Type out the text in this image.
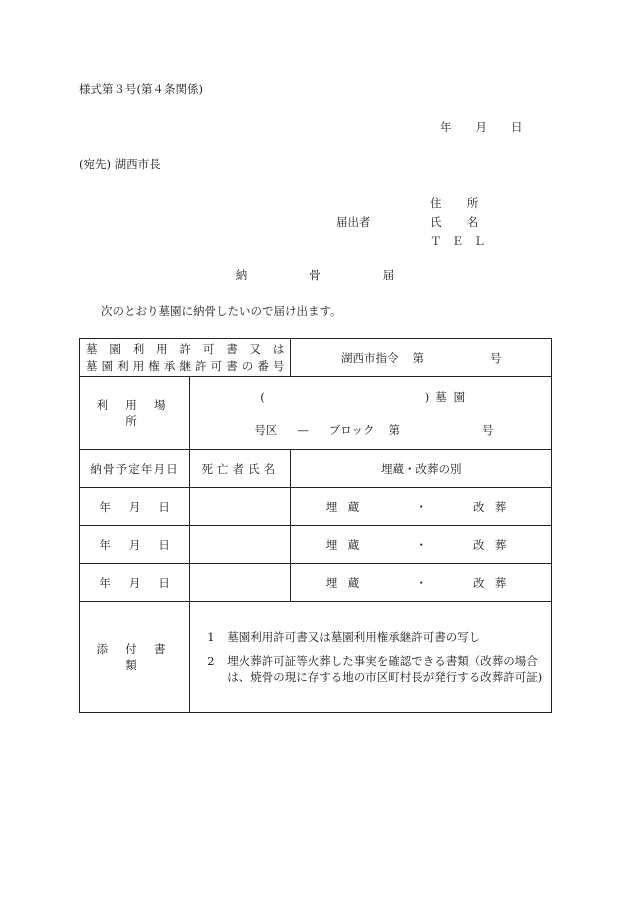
様式第３号(第４条関係)
年 月 日
(宛先) 湖西市長
住所
届出者	氏名
ＴＥＬ
納	骨	届
次のとおり墓園に納骨したいので届け出ます。
墓園利用許可書又は
墓園利用権承継許可書の番号		湖西市指令 第 号
利用場所	( ) 墓園
号区 — ブロック 第 号	

納骨予定年月日	死亡者氏名	埋蔵・改葬の別
年 月 日		埋蔵 ・ 改葬
年 月 日		埋蔵 ・ 改葬
年 月 日		埋蔵 ・ 改葬
添付書類	1 墓園利用許可書又は墓園利用権承継許可書の写し
2 埋火葬許可証等火葬した事実を確認できる書類（改葬の場合は、焼骨の現に存する地の市区町村長が発行する改葬許可証)	
